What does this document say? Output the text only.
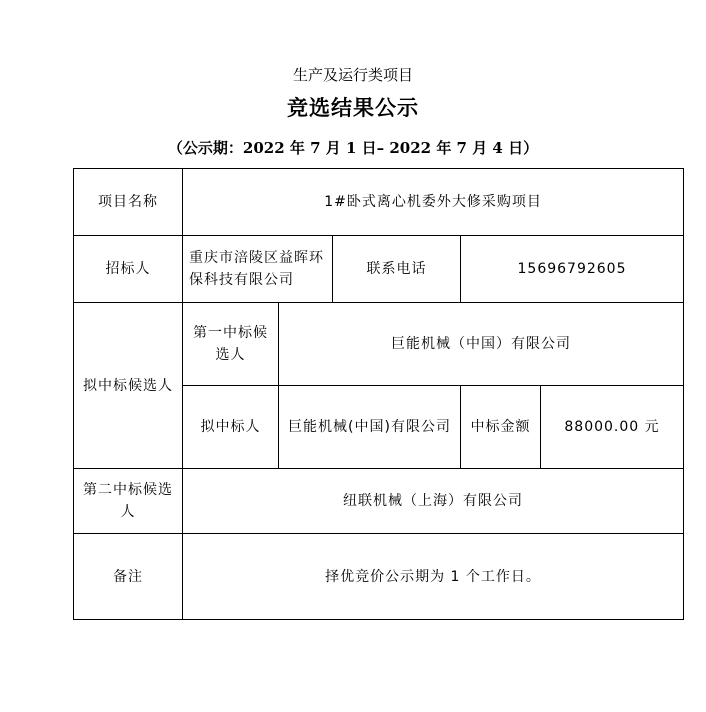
生产及运行类项目
竞选结果公示
（公示期：2022 年 7 月 1 日– 2022 年 7 月 4 日）
项目名称	1#卧式离心机委外大修采购项目				
招标人	重庆市涪陵区益晖环保科技有限公司		联系电话	15696792605	
拟中标候选人	第一中标候选人	巨能机械（中国）有限公司			
	拟中标人	巨能机械(中国)有限公司		中标金额	88000.00 元
第二中标候选人	纽联机械（上海）有限公司				
备注	择优竞价公示期为 1 个工作日。				
